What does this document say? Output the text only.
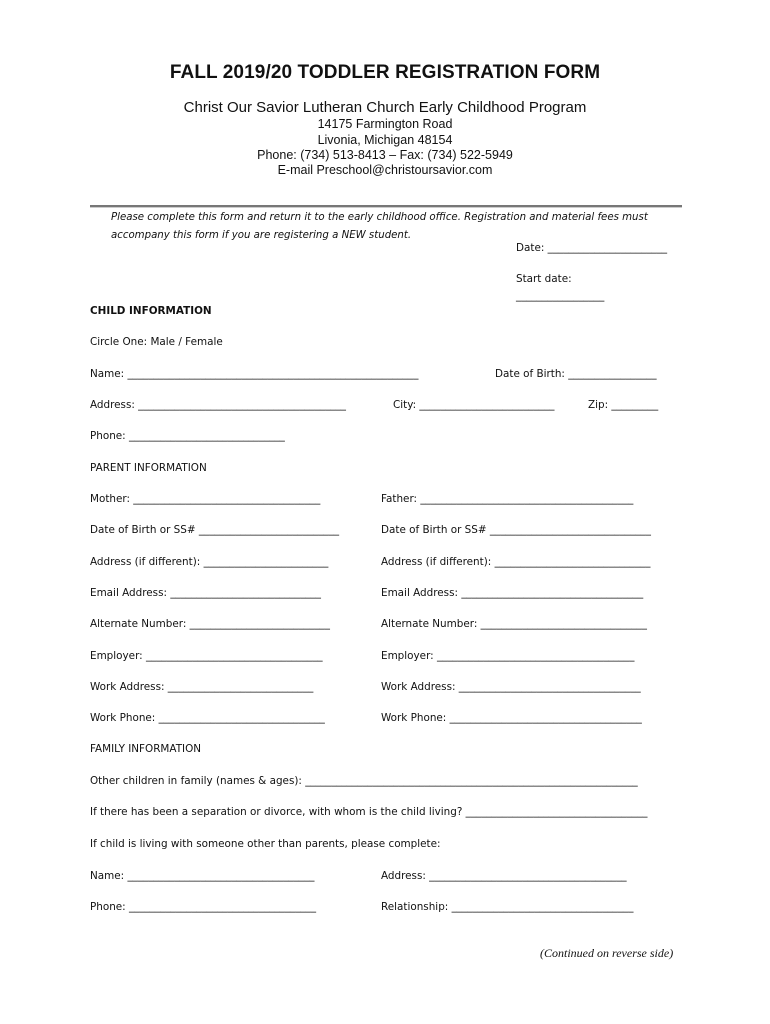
FALL 2019/20 TODDLER REGISTRATION FORM
Christ Our Savior Lutheran Church Early Childhood Program
14175 Farmington Road
Livonia, Michigan 48154
Phone: (734) 513-8413 – Fax: (734) 522-5949
E-mail Preschool@christoursavior.com
Please complete this form and return it to the early childhood office. Registration and material fees must
accompany this form if you are registering a NEW student.
Date: _______________________
Start date:
_________________
CHILD INFORMATION
Circle One: Male / Female
Name: ________________________________________________________	Date of Birth: _________________
Address: ________________________________________	City: __________________________	Zip: _________
Phone: ______________________________
PARENT INFORMATION
Mother: ____________________________________	Father: _________________________________________
Date of Birth or SS# ___________________________	Date of Birth or SS# _______________________________
Address (if different): ________________________	Address (if different): ______________________________
Email Address: _____________________________	Email Address: ___________________________________
Alternate Number: ___________________________	Alternate Number: ________________________________
Employer: __________________________________	Employer: ______________________________________
Work Address: ____________________________	Work Address: ___________________________________
Work Phone: ________________________________	Work Phone: _____________________________________
FAMILY INFORMATION
Other children in family (names & ages): ________________________________________________________________
If there has been a separation or divorce, with whom is the child living? ___________________________________
If child is living with someone other than parents, please complete:
Name: ____________________________________	Address: ______________________________________
Phone: ____________________________________	Relationship: ___________________________________
(Continued on reverse side)
